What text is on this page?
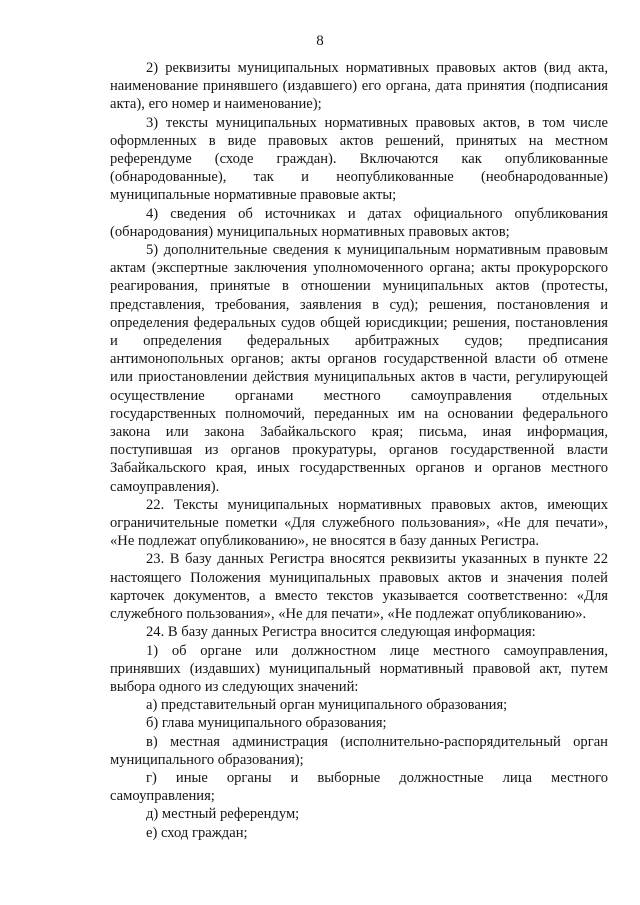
8

2) реквизиты муниципальных нормативных правовых актов (вид акта, наименование принявшего (издавшего) его органа, дата принятия (подписания акта), его номер и наименование);

3) тексты муниципальных нормативных правовых актов, в том числе оформленных в виде правовых актов решений, принятых на местном референдуме (сходе граждан). Включаются как опубликованные (обнародованные), так и неопубликованные (необнародованные) муниципальные нормативные правовые акты;

4) сведения об источниках и датах официального опубликования (обнародования) муниципальных нормативных правовых актов;

5) дополнительные сведения к муниципальным нормативным правовым актам (экспертные заключения уполномоченного органа; акты прокурорского реагирования, принятые в отношении муниципальных актов (протесты, представления, требования, заявления в суд); решения, постановления и определения федеральных судов общей юрисдикции; решения, постановления и определения федеральных арбитражных судов; предписания антимонопольных органов; акты органов государственной власти об отмене или приостановлении действия муниципальных актов в части, регулирующей осуществление органами местного самоуправления отдельных государственных полномочий, переданных им на основании федерального закона или закона Забайкальского края; письма, иная информация, поступившая из органов прокуратуры, органов государственной власти Забайкальского края, иных государственных органов и органов местного самоуправления).

22. Тексты муниципальных нормативных правовых актов, имеющих ограничительные пометки «Для служебного пользования», «Не для печати», «Не подлежат опубликованию», не вносятся в базу данных Регистра.

23. В базу данных Регистра вносятся реквизиты указанных в пункте 22 настоящего Положения муниципальных правовых актов и значения полей карточек документов, а вместо текстов указывается соответственно: «Для служебного пользования», «Не для печати», «Не подлежат опубликованию».

24. В базу данных Регистра вносится следующая информация:

1) об органе или должностном лице местного самоуправления, принявших (издавших) муниципальный нормативный правовой акт, путем выбора одного из следующих значений:

а) представительный орган муниципального образования;

б) глава муниципального образования;

в) местная администрация (исполнительно-распорядительный орган муниципального образования);

г) иные органы и выборные должностные лица местного самоуправления;

д) местный референдум;

е) сход граждан;
